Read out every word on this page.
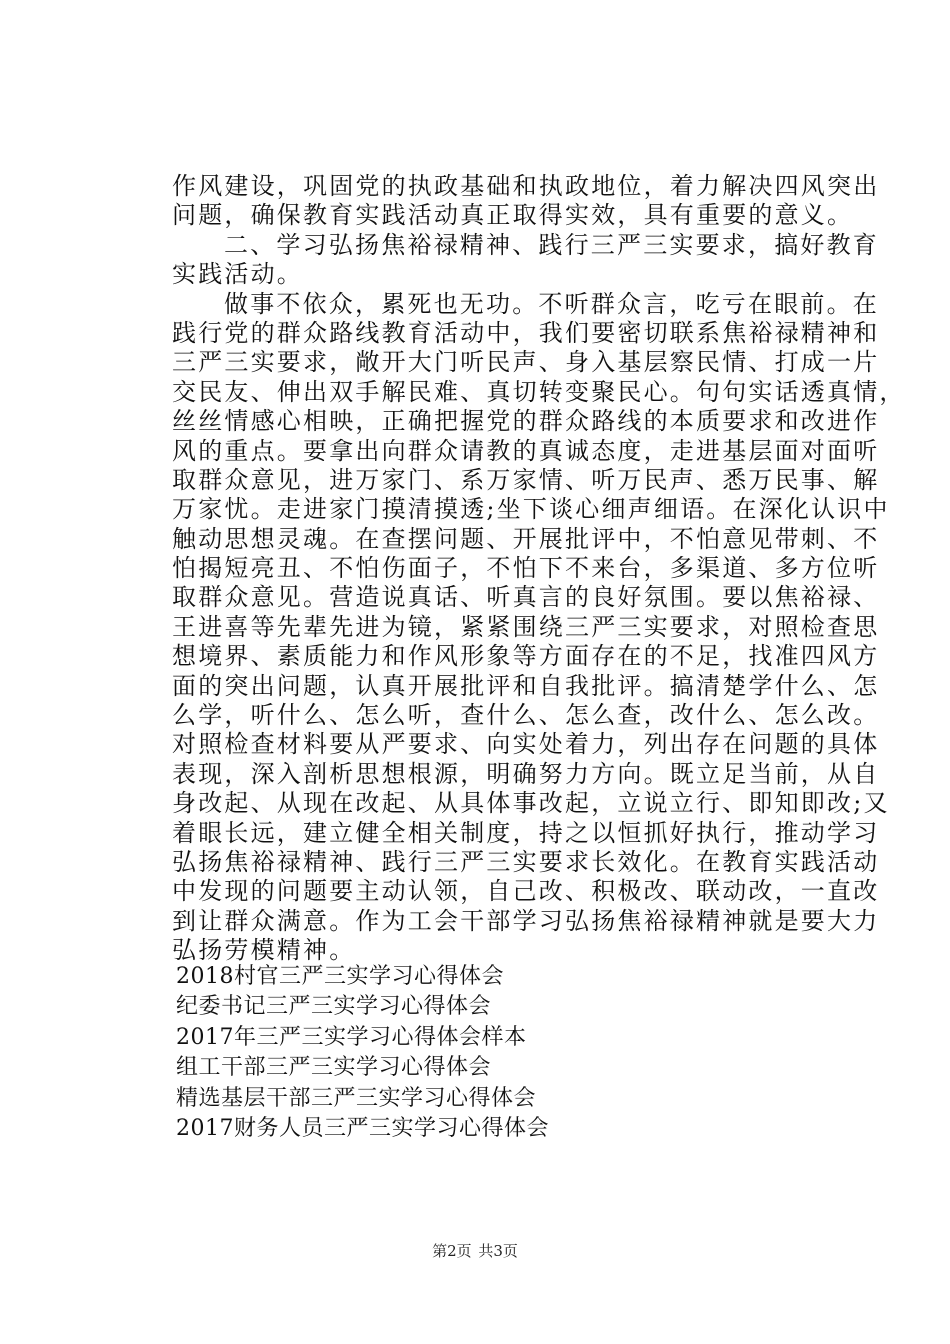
作风建设，巩固党的执政基础和执政地位，着力解决四风突出
问题，确保教育实践活动真正取得实效，具有重要的意义。
二、学习弘扬焦裕禄精神、践行三严三实要求，搞好教育
实践活动。
做事不依众，累死也无功。不听群众言，吃亏在眼前。在
践行党的群众路线教育活动中，我们要密切联系焦裕禄精神和
三严三实要求，敞开大门听民声、身入基层察民情、打成一片
交民友、伸出双手解民难、真切转变聚民心。句句实话透真情，
丝丝情感心相映，正确把握党的群众路线的本质要求和改进作
风的重点。要拿出向群众请教的真诚态度，走进基层面对面听
取群众意见，进万家门、系万家情、听万民声、悉万民事、解
万家忧。走进家门摸清摸透;坐下谈心细声细语。在深化认识中
触动思想灵魂。在查摆问题、开展批评中，不怕意见带刺、不
怕揭短亮丑、不怕伤面子，不怕下不来台，多渠道、多方位听
取群众意见。营造说真话、听真言的良好氛围。要以焦裕禄、
王进喜等先辈先进为镜，紧紧围绕三严三实要求，对照检查思
想境界、素质能力和作风形象等方面存在的不足，找准四风方
面的突出问题，认真开展批评和自我批评。搞清楚学什么、怎
么学，听什么、怎么听，查什么、怎么查，改什么、怎么改。
对照检查材料要从严要求、向实处着力，列出存在问题的具体
表现，深入剖析思想根源，明确努力方向。既立足当前，从自
身改起、从现在改起、从具体事改起，立说立行、即知即改;又
着眼长远，建立健全相关制度，持之以恒抓好执行，推动学习
弘扬焦裕禄精神、践行三严三实要求长效化。在教育实践活动
中发现的问题要主动认领，自己改、积极改、联动改，一直改
到让群众满意。作为工会干部学习弘扬焦裕禄精神就是要大力
弘扬劳模精神。
2018村官三严三实学习心得体会
纪委书记三严三实学习心得体会
2017年三严三实学习心得体会样本
组工干部三严三实学习心得体会
精选基层干部三严三实学习心得体会
2017财务人员三严三实学习心得体会
第2页 共3页
